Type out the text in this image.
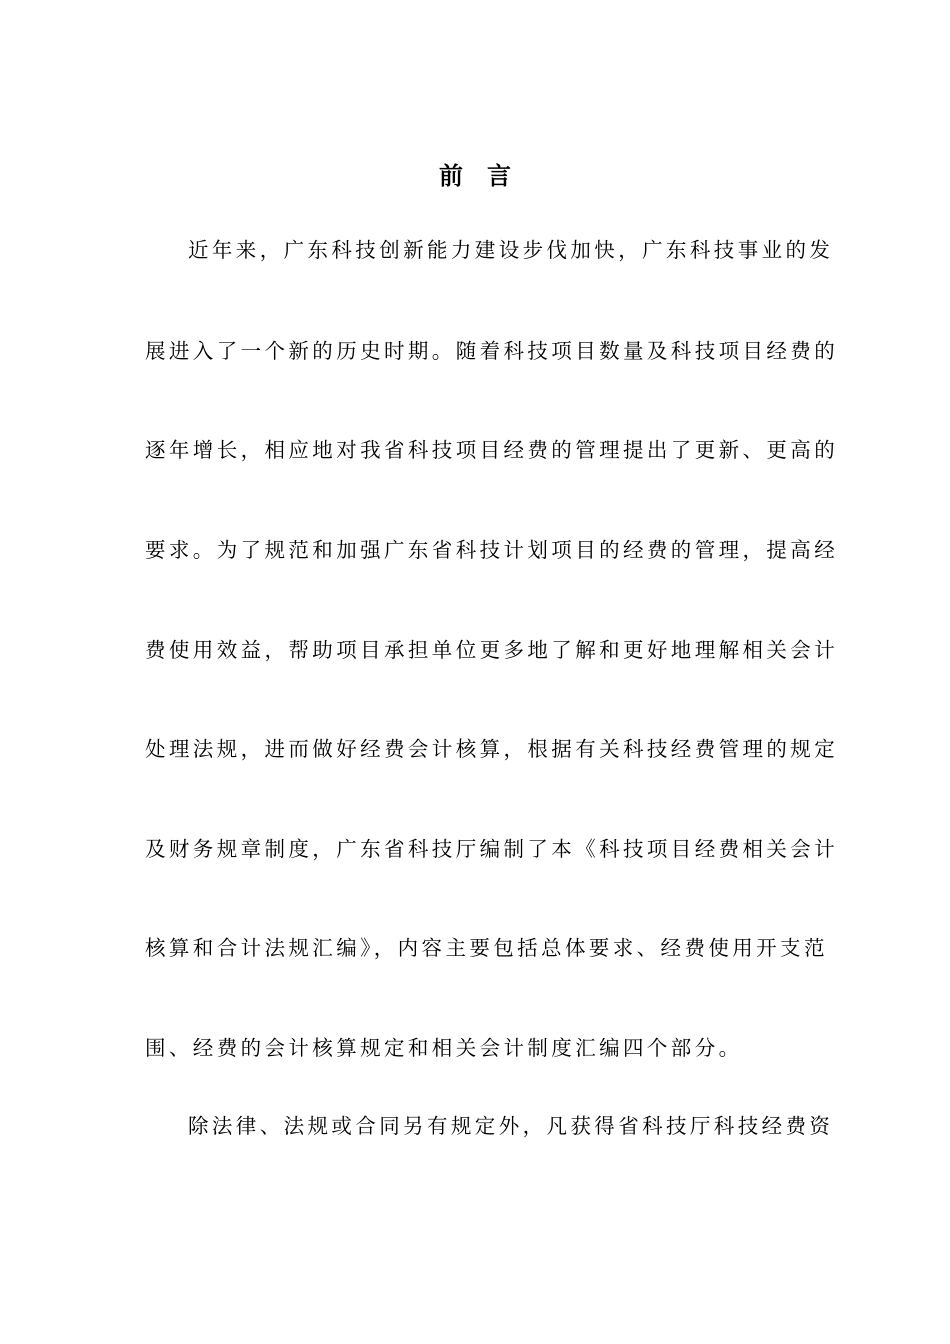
前言
近年来，广东科技创新能力建设步伐加快，广东科技事业的发
展进入了一个新的历史时期。随着科技项目数量及科技项目经费的
逐年增长，相应地对我省科技项目经费的管理提出了更新、更高的
要求。为了规范和加强广东省科技计划项目的经费的管理，提高经
费使用效益，帮助项目承担单位更多地了解和更好地理解相关会计
处理法规，进而做好经费会计核算，根据有关科技经费管理的规定
及财务规章制度，广东省科技厅编制了本《科技项目经费相关会计
核算和合计法规汇编》，内容主要包括总体要求、经费使用开支范
围、经费的会计核算规定和相关会计制度汇编四个部分。
除法律、法规或合同另有规定外，凡获得省科技厅科技经费资
